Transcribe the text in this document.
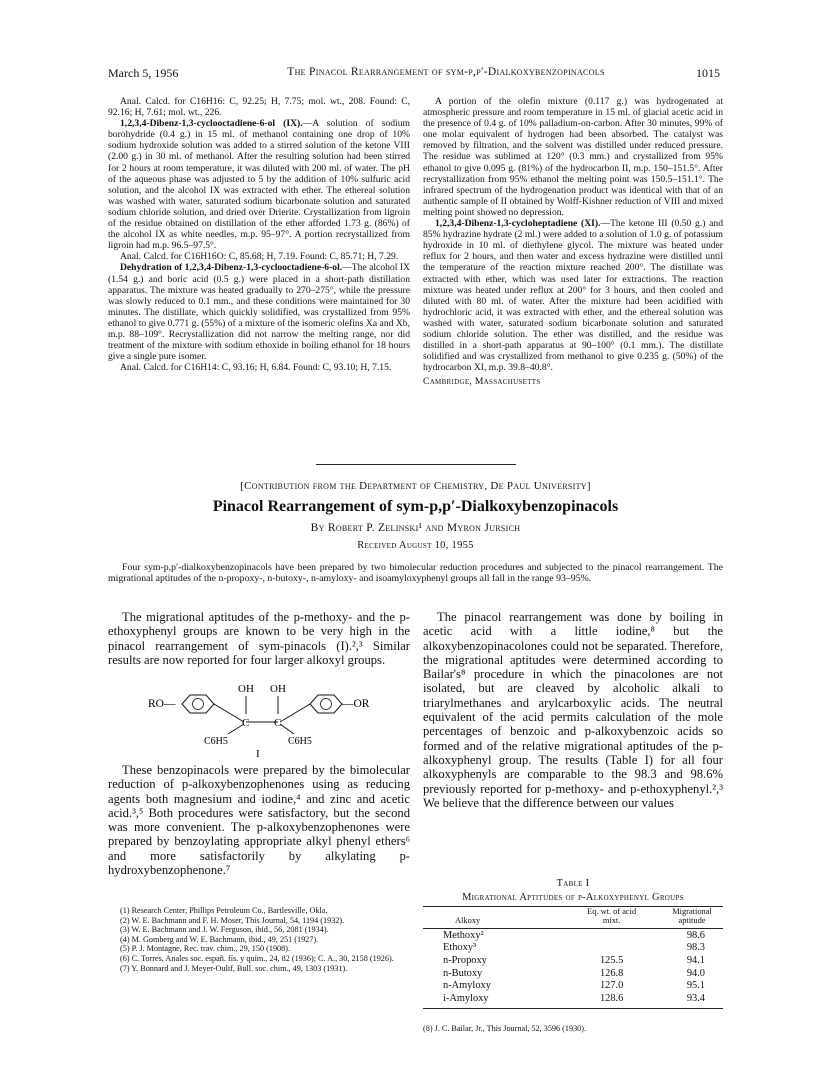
March 5, 1956	The Pinacol Rearrangement of sym-p,p′-Dialkoxybenzopinacols	1015

Anal. Calcd. for C16H16: C, 92.25; H, 7.75; mol. wt., 208. Found: C, 92.16; H, 7.61; mol. wt., 226.

1,2,3,4-Dibenz-1,3-cyclooctadiene-6-ol (IX).—A solution of sodium borohydride (0.4 g.) in 15 ml. of methanol containing one drop of 10% sodium hydroxide solution was added to a stirred solution of the ketone VIII (2.00 g.) in 30 ml. of methanol. After the resulting solution had been stirred for 2 hours at room temperature, it was diluted with 200 ml. of water. The pH of the aqueous phase was adjusted to 5 by the addition of 10% sulfuric acid solution, and the alcohol IX was extracted with ether. The ethereal solution was washed with water, saturated sodium bicarbonate solution and saturated sodium chloride solution, and dried over Drierite. Crystallization from ligroin of the residue obtained on distillation of the ether afforded 1.73 g. (86%) of the alcohol IX as white needles, m.p. 95–97°. A portion recrystallized from ligroin had m.p. 96.5–97.5°.

Anal. Calcd. for C16H16O: C, 85.68; H, 7.19. Found: C, 85.71; H, 7.29.

Dehydration of 1,2,3,4-Dibenz-1,3-cyclooctadiene-6-ol.—The alcohol IX (1.54 g.) and boric acid (0.5 g.) were placed in a short-path distillation apparatus. The mixture was heated gradually to 270–275°, while the pressure was slowly reduced to 0.1 mm., and these conditions were maintained for 30 minutes. The distillate, which quickly solidified, was crystallized from 95% ethanol to give 0.771 g. (55%) of a mixture of the isomeric olefins Xa and Xb, m.p. 88–109°. Recrystallization did not narrow the melting range, nor did treatment of the mixture with sodium ethoxide in boiling ethanol for 18 hours give a single pure isomer.

Anal. Calcd. for C16H14: C, 93.16; H, 6.84. Found: C, 93.10; H, 7.15.

A portion of the olefin mixture (0.117 g.) was hydrogenated at atmospheric pressure and room temperature in 15 ml. of glacial acetic acid in the presence of 0.4 g. of 10% palladium-on-carbon. After 30 minutes, 99% of one molar equivalent of hydrogen had been absorbed. The catalyst was removed by filtration, and the solvent was distilled under reduced pressure. The residue was sublimed at 120° (0.3 mm.) and crystallized from 95% ethanol to give 0.095 g. (81%) of the hydrocarbon II, m.p. 150–151.5°. After recrystallization from 95% ethanol the melting point was 150.5–151.1°. The infrared spectrum of the hydrogenation product was identical with that of an authentic sample of II obtained by Wolff-Kishner reduction of VIII and mixed melting point showed no depression.

1,2,3,4-Dibenz-1,3-cycloheptadiene (XI).—The ketone III (0.50 g.) and 85% hydrazine hydrate (2 ml.) were added to a solution of 1.0 g. of potassium hydroxide in 10 ml. of diethylene glycol. The mixture was heated under reflux for 2 hours, and then water and excess hydrazine were distilled until the temperature of the reaction mixture reached 200°. The distillate was extracted with ether, which was used later for extractions. The reaction mixture was heated under reflux at 200° for 3 hours, and then cooled and diluted with 80 ml. of water. After the mixture had been acidified with hydrochloric acid, it was extracted with ether, and the ethereal solution was washed with water, saturated sodium bicarbonate solution and saturated sodium chloride solution. The ether was distilled, and the residue was distilled in a short-path apparatus at 90–100° (0.1 mm.). The distillate solidified and was crystallized from methanol to give 0.235 g. (50%) of the hydrocarbon XI, m.p. 39.8–40.8°.

Cambridge, Massachusetts

[Contribution from the Department of Chemistry, De Paul University]
Pinacol Rearrangement of sym-p,p′-Dialkoxybenzopinacols
By Robert P. Zelinski¹ and Myron Jursich
Received August 10, 1955
Four sym-p,p′-dialkoxybenzopinacols have been prepared by two bimolecular reduction procedures and subjected to the pinacol rearrangement. The migrational aptitudes of the n-propoxy-, n-butoxy-, n-amyloxy- and isoamyloxyphenyl groups all fall in the range 93–95%.

The migrational aptitudes of the p-methoxy- and the p-ethoxyphenyl groups are known to be very high in the pinacol rearrangement of sym-pinacols (I).²,³ Similar results are now reported for four larger alkoxyl groups.

RO—
C C
OH OH
—OR
C6H5	C6H5
I

These benzopinacols were prepared by the bimolecular reduction of p-alkoxybenzophenones using as reducing agents both magnesium and iodine,⁴ and zinc and acetic acid.³,⁵ Both procedures were satisfactory, but the second was more convenient. The p-alkoxybenzophenones were prepared by benzoylating appropriate alkyl phenyl ethers⁶ and more satisfactorily by alkylating p-hydroxybenzophenone.⁷

(1) Research Center, Phillips Petroleum Co., Bartlesville, Okla.
(2) W. E. Bachmann and F. H. Moser, This Journal, 54, 1194 (1932).
(3) W. E. Bachmann and J. W. Ferguson, ibid., 56, 2081 (1934).
(4) M. Gomberg and W. E. Bachmann, ibid., 49, 251 (1927).
(5) P. J. Montagne, Rec. trav. chim., 29, 150 (1908).
(6) C. Torres, Anales soc. españ. fís. y quím., 24, 82 (1936); C. A., 30, 2158 (1926).
(7) Y. Bonnard and J. Meyer-Oulif, Bull. soc. chim., 49, 1303 (1931).

The pinacol rearrangement was done by boiling in acetic acid with a little iodine,⁸ but the alkoxybenzopinacolones could not be separated. Therefore, the migrational aptitudes were determined according to Bailar's⁸ procedure in which the pinacolones are not isolated, but are cleaved by alcoholic alkali to triarylmethanes and arylcarboxylic acids. The neutral equivalent of the acid permits calculation of the mole percentages of benzoic and p-alkoxybenzoic acids so formed and of the relative migrational aptitudes of the p-alkoxyphenyl group. The results (Table I) for all four alkoxyphenyls are comparable to the 98.3 and 98.6% previously reported for p-methoxy- and p-ethoxyphenyl.²,³ We believe that the difference between our values

Table I
Migrational Aptitudes of p-Alkoxyphenyl Groups
Alkoxy	Eq. wt. of acid mixt.	Migrational aptitude

Methoxy²		98.6
Ethoxy³		98.3
n-Propoxy	125.5	94.1
n-Butoxy	126.8	94.0
n-Amyloxy	127.0	95.1
i-Amyloxy	128.6	93.4
(8) J. C. Bailar, Jr., This Journal, 52, 3596 (1930).
